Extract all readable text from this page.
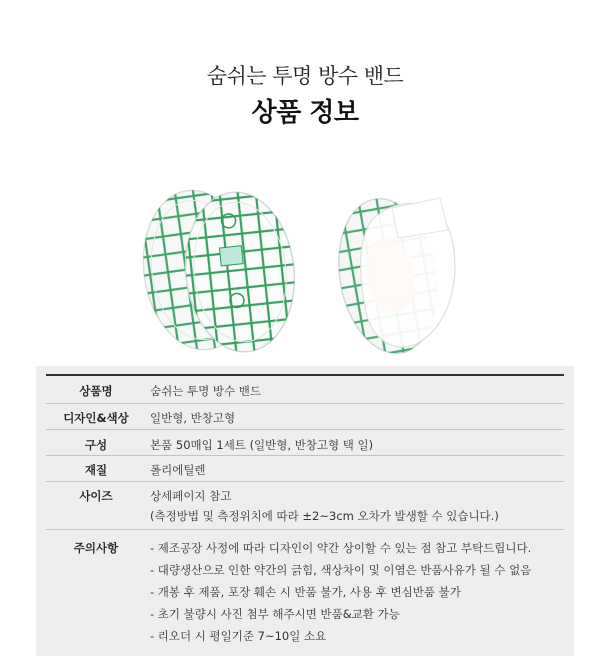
숨쉬는 투명 방수 밴드
상품 정보
상품명	숨쉬는 투명 방수 밴드
디자인&색상	일반형, 반창고형
구성	본품 50매입 1세트 (일반형, 반창고형 택 일)
재질	폴리에틸렌
사이즈	상세페이지 참고
(측정방법 및 측정위치에 따라 ±2~3cm 오차가 발생할 수 있습니다.)
주의사항	- 제조공장 사정에 따라 디자인이 약간 상이할 수 있는 점 참고 부탁드립니다.
- 대량생산으로 인한 약간의 긁힘, 색상차이 및 이염은 반품사유가 될 수 없음
- 개봉 후 제품, 포장 훼손 시 반품 불가, 사용 후 변심반품 불가
- 초기 불량시 사진 첨부 해주시면 반품&교환 가능
- 리오더 시 평일기준 7~10일 소요
